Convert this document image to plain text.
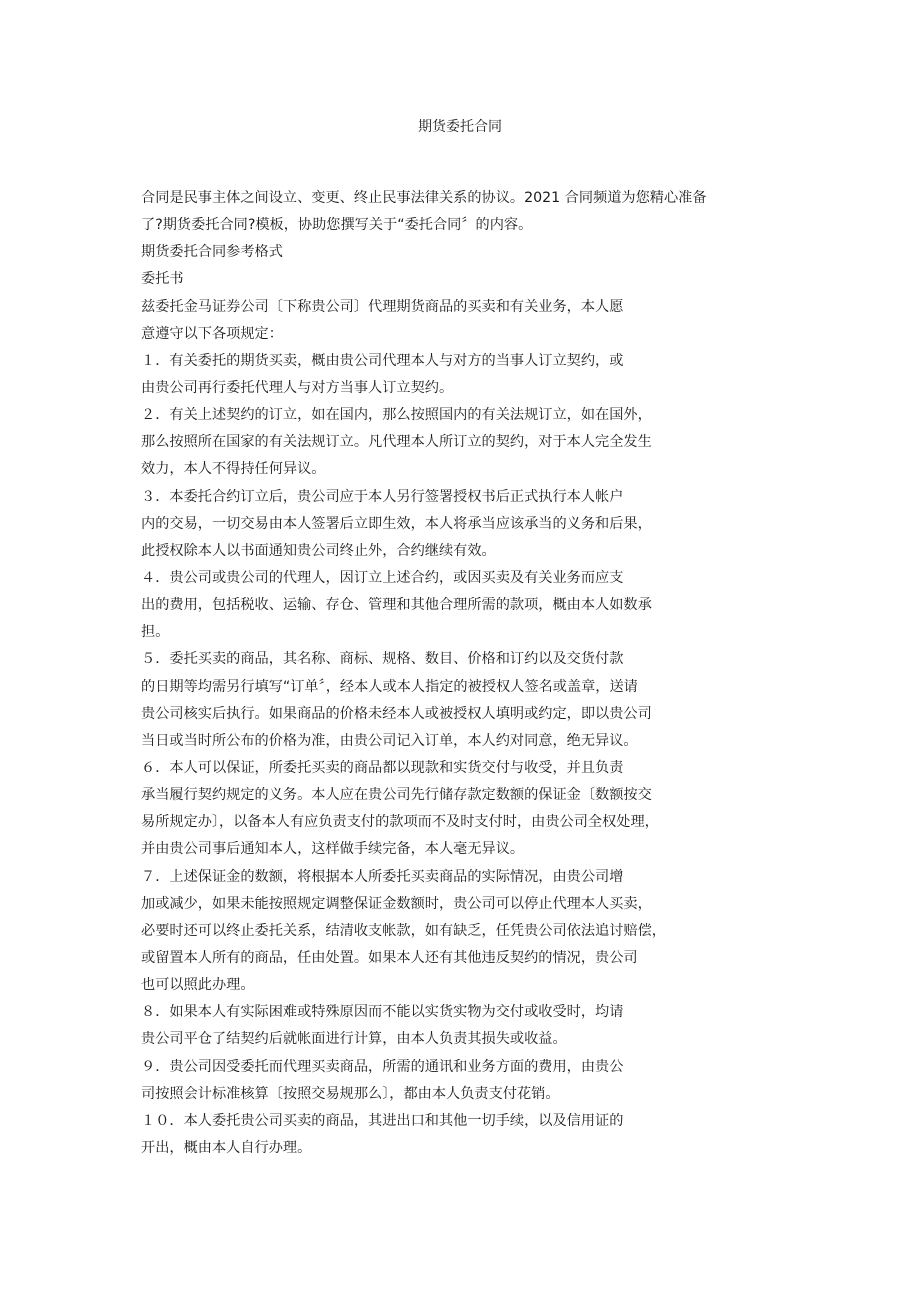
期货委托合同
合同是民事主体之间设立、变更、终止民事法律关系的协议。2021 合同频道为您精心准备
了?期货委托合同?模板，协助您撰写关于“委托合同〞的内容。
期货委托合同参考格式
委托书
兹委托金马证券公司〔下称贵公司〕代理期货商品的买卖和有关业务，本人愿
意遵守以下各项规定：
１．有关委托的期货买卖，概由贵公司代理本人与对方的当事人订立契约，或
由贵公司再行委托代理人与对方当事人订立契约。
２．有关上述契约的订立，如在国内，那么按照国内的有关法规订立，如在国外，
那么按照所在国家的有关法规订立。凡代理本人所订立的契约，对于本人完全发生
效力，本人不得持任何异议。
３．本委托合约订立后，贵公司应于本人另行签署授权书后正式执行本人帐户
内的交易，一切交易由本人签署后立即生效，本人将承当应该承当的义务和后果，
此授权除本人以书面通知贵公司终止外，合约继续有效。
４．贵公司或贵公司的代理人，因订立上述合约，或因买卖及有关业务而应支
出的费用，包括税收、运输、存仓、管理和其他合理所需的款项，概由本人如数承
担。
５．委托买卖的商品，其名称、商标、规格、数目、价格和订约以及交货付款
的日期等均需另行填写“订单〞，经本人或本人指定的被授权人签名或盖章，送请
贵公司核实后执行。如果商品的价格未经本人或被授权人填明或约定，即以贵公司
当日或当时所公布的价格为准，由贵公司记入订单，本人约对同意，绝无异议。
６．本人可以保证，所委托买卖的商品都以现款和实货交付与收受，并且负责
承当履行契约规定的义务。本人应在贵公司先行储存款定数额的保证金〔数额按交
易所规定办〕，以备本人有应负责支付的款项而不及时支付时，由贵公司全权处理，
并由贵公司事后通知本人，这样做手续完备，本人毫无异议。
７．上述保证金的数额，将根据本人所委托买卖商品的实际情况，由贵公司增
加或减少，如果未能按照规定调整保证金数额时，贵公司可以停止代理本人买卖，
必要时还可以终止委托关系，结清收支帐款，如有缺乏，任凭贵公司依法追讨赔偿，
或留置本人所有的商品，任由处置。如果本人还有其他违反契约的情况，贵公司
也可以照此办理。
８．如果本人有实际困难或特殊原因而不能以实货实物为交付或收受时，均请
贵公司平仓了结契约后就帐面进行计算，由本人负责其损失或收益。
９．贵公司因受委托而代理买卖商品，所需的通讯和业务方面的费用，由贵公
司按照会计标准核算〔按照交易规那么〕，都由本人负责支付花销。
１０．本人委托贵公司买卖的商品，其进出口和其他一切手续，以及信用证的
开出，概由本人自行办理。
